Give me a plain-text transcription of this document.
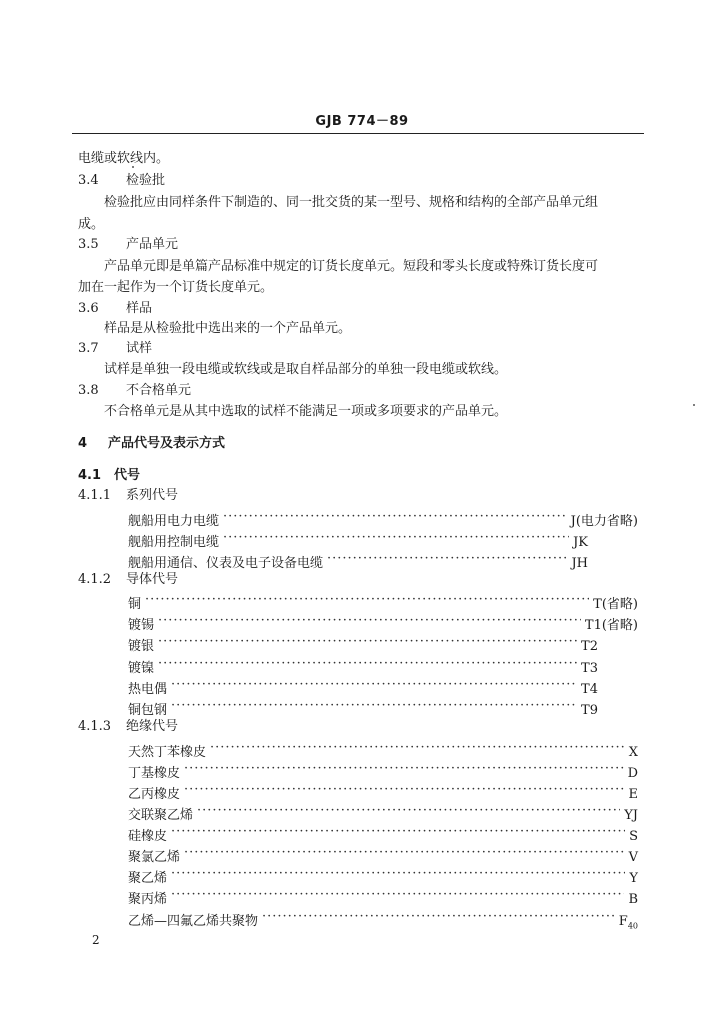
GJB 774－89
电缆或软线内。
3.4 检验批
检验批应由同样条件下制造的、同一批交货的某一型号、规格和结构的全部产品单元组
成。
3.5 产品单元
产品单元即是单篇产品标准中规定的订货长度单元。短段和零头长度或特殊订货长度可
加在一起作为一个订货长度单元。
3.6 样品
样品是从检验批中选出来的一个产品单元。
3.7 试样
试样是单独一段电缆或软线或是取自样品部分的单独一段电缆或软线。
3.8 不合格单元
不合格单元是从其中选取的试样不能满足一项或多项要求的产品单元。
4 产品代号及表示方式
4.1 代号
4.1.1 系列代号
舰船用电力电缆 ·····	J(电力省略)
舰船用控制电缆 ·····	JK
舰船用通信、仪表及电子设备电缆 ·····	JH
4.1.2 导体代号
铜 ·····	T(省略)
镀锡 ·····	T1(省略)
镀银 ·····	T2
镀镍 ·····	T3
热电偶 ·····	T4
铜包钢 ·····	T9
4.1.3 绝缘代号
天然丁苯橡皮 ·····	X
丁基橡皮 ·····	D
乙丙橡皮 ·····	E
交联聚乙烯 ·····	YJ
硅橡皮 ·····	S
聚氯乙烯 ·····	V
聚乙烯 ·····	Y
聚丙烯 ·····	B
乙烯—四氟乙烯共聚物 ·····	$F_{40}$
2
